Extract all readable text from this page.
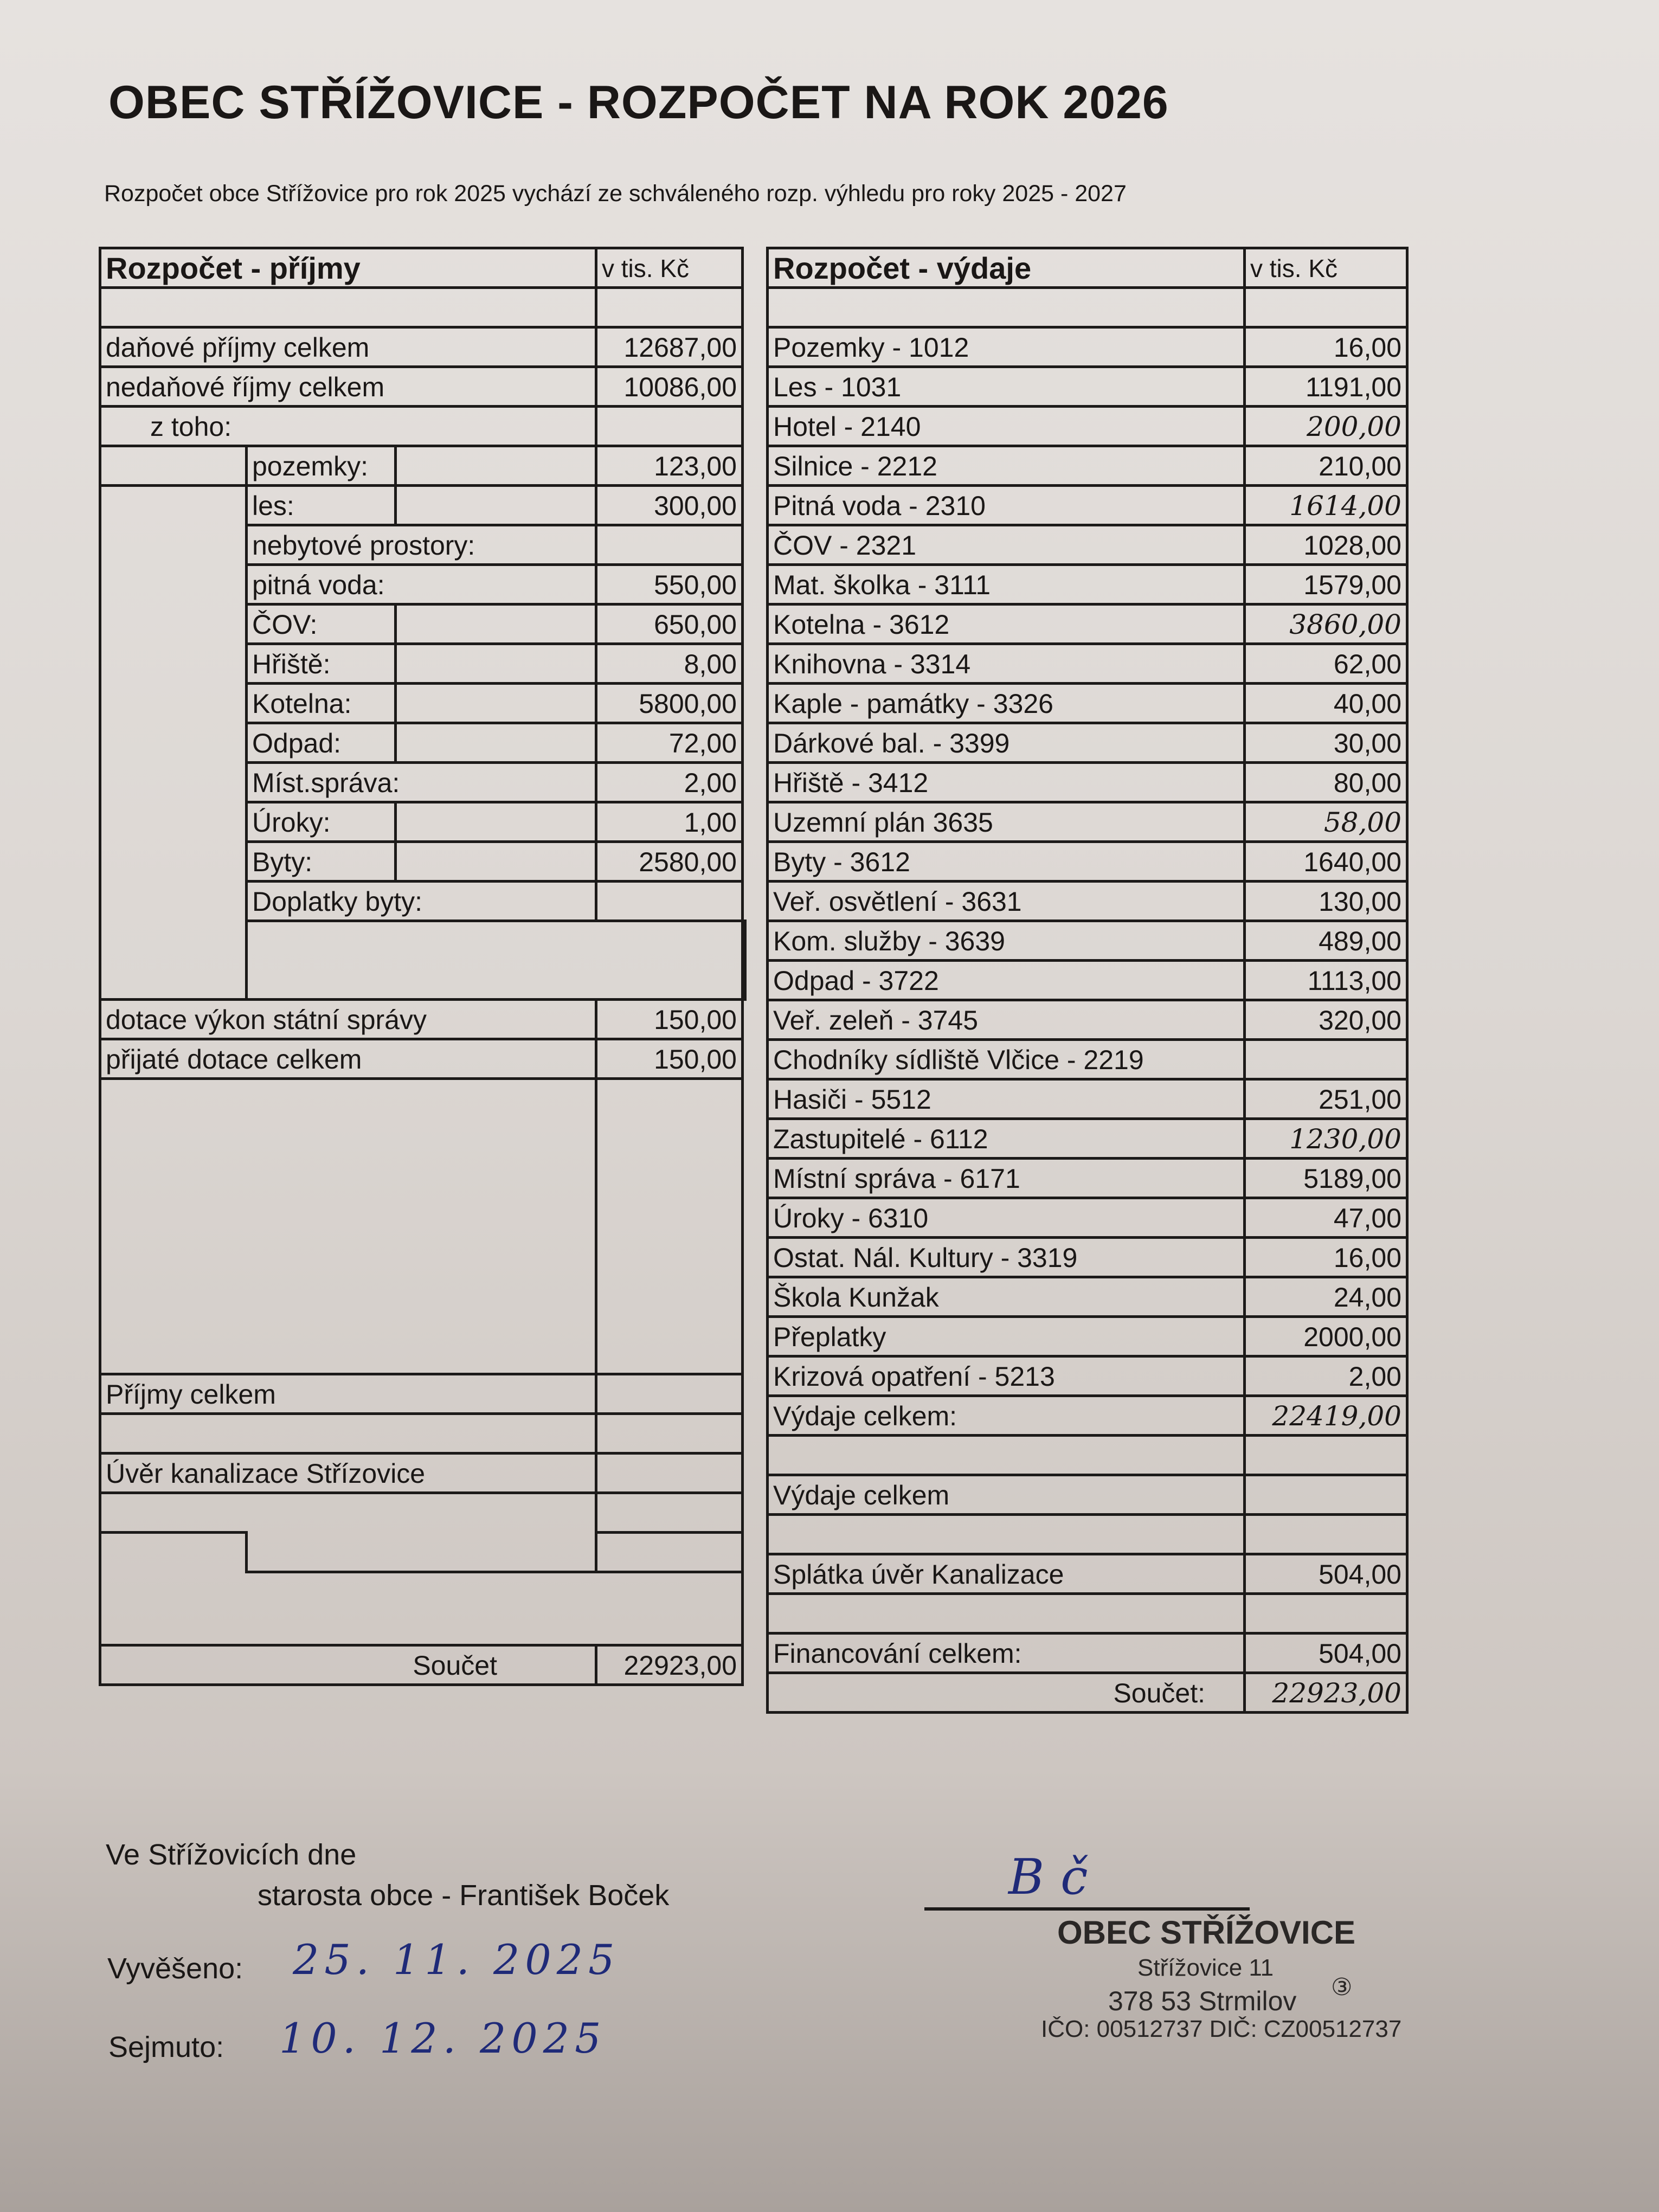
OBEC STŘÍŽOVICE - ROZPOČET NA ROK 2026
Rozpočet obce Střížovice pro rok 2025 vychází ze schváleného rozp. výhledu pro roky 2025 - 2027
Rozpočet - příjmy			v tis. Kč	

daňové příjmy celkem			12687,00	
nedaňové říjmy celkem			10086,00	
z toho:				
	pozemky:		123,00	
	les:		300,00	
	nebytové prostory:			
	pitná voda:		550,00	
	ČOV:		650,00	
	Hřiště:		8,00	
	Kotelna:		5800,00	
	Odpad:		72,00	
	Míst.správa:		2,00	
	Úroky:		1,00	
	Byty:		2580,00	
	Doplatky byty:			

dotace výkon státní správy			150,00	
přijaté dotace celkem			150,00	

Příjmy celkem				

Úvěr kanalizace Střízovice				

Součet			22923,00	
Rozpočet - výdaje	v tis. Kč

Pozemky - 1012	16,00
Les - 1031	1191,00
Hotel - 2140	200,00
Silnice - 2212	210,00
Pitná voda - 2310	1614,00
ČOV - 2321	1028,00
Mat. školka - 3111	1579,00
Kotelna - 3612	3860,00
Knihovna - 3314	62,00
Kaple - památky - 3326	40,00
Dárkové bal. - 3399	30,00
Hřiště - 3412	80,00
Uzemní plán 3635	58,00
Byty - 3612	1640,00
Veř. osvětlení - 3631	130,00
Kom. služby - 3639	489,00
Odpad - 3722	1113,00
Veř. zeleň - 3745	320,00
Chodníky sídliště Vlčice - 2219	
Hasiči - 5512	251,00
Zastupitelé - 6112	1230,00
Místní správa - 6171	5189,00
Úroky - 6310	47,00
Ostat. Nál. Kultury - 3319	16,00
Škola Kunžak	24,00
Přeplatky	2000,00
Krizová opatření - 5213	2,00
Výdaje celkem:	22419,00

Výdaje celkem	

Splátka úvěr Kanalizace	504,00

Financování celkem:	504,00
Součet:	22923,00
Ve Střížovicích dne
starosta obce - František Boček
Vyvěšeno: 25. 11. 2025
Sejmuto: 10. 12. 2025
Bč
OBEC STŘÍŽOVICE
Střížovice 11
378 53 Strmilov ③
IČO: 00512737 DIČ: CZ00512737
